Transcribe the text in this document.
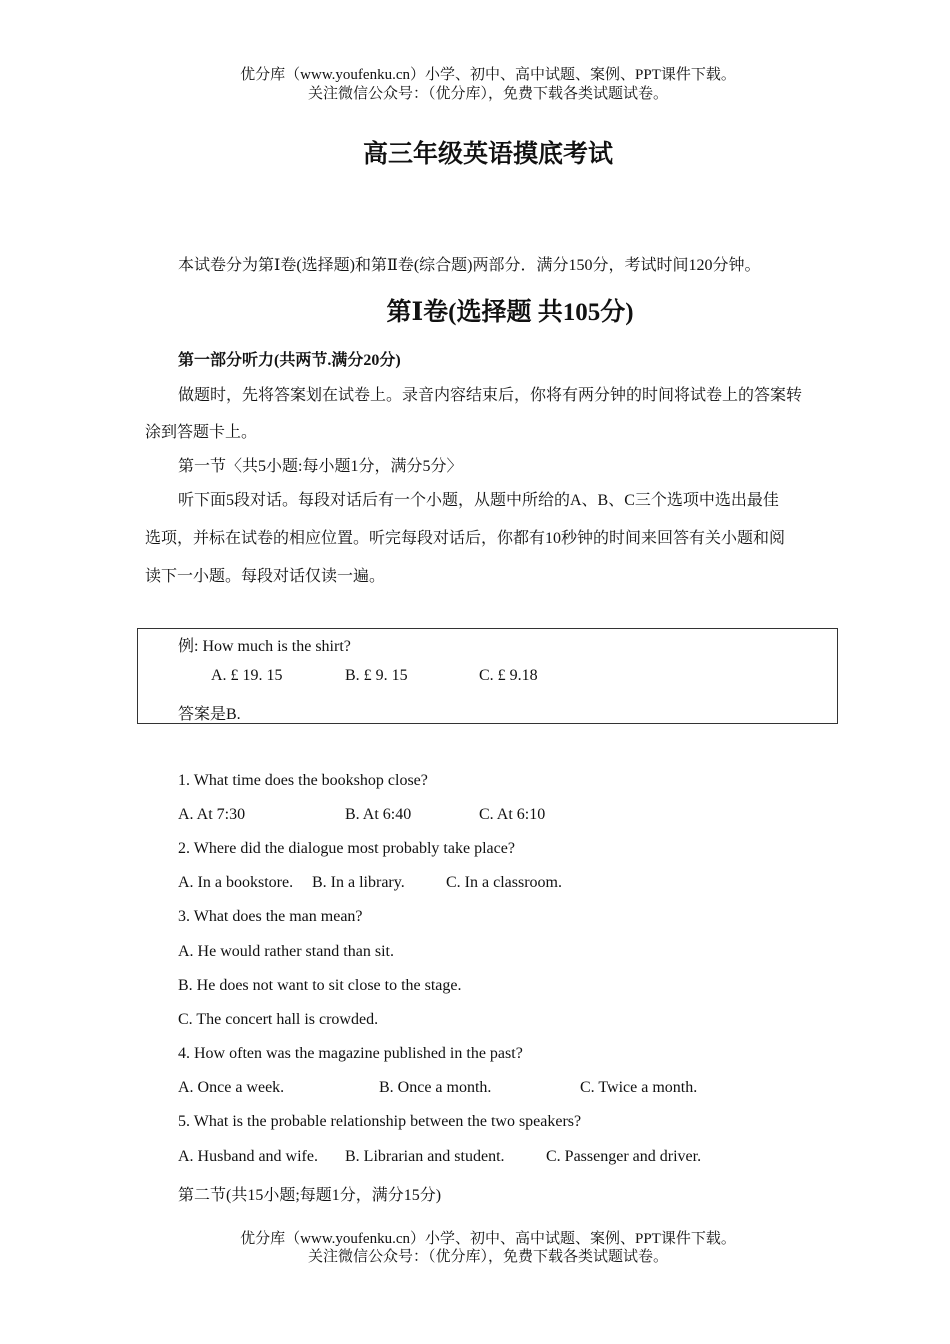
优分库（www.youfenku.cn）小学、初中、高中试题、案例、PPT课件下载。
关注微信公众号：（优分库），免费下载各类试题试卷。
高三年级英语摸底考试
本试卷分为第Ⅰ卷(选择题)和第Ⅱ卷(综合题)两部分．满分150分，考试时间120分钟。
第Ⅰ卷(选择题 共105分)
第一部分听力(共两节.满分20分)
做题时，先将答案划在试卷上。录音内容结束后，你将有两分钟的时间将试卷上的答案转
涂到答题卡上。
第一节〈共5小题:每小题1分，满分5分〉
听下面5段对话。每段对话后有一个小题，从题中所给的A、B、C三个选项中选出最佳
选项，并标在试卷的相应位置。听完每段对话后，你都有10秒钟的时间来回答有关小题和阅
读下一小题。每段对话仅读一遍。
例: How much is the shirt?
A. £ 19. 15	B. £ 9. 15	C. £ 9.18
答案是B.
1. What time does the bookshop close?
A. At 7:30	B. At 6:40	C. At 6:10
2. Where did the dialogue most probably take place?
A. In a bookstore. B. In a library.	C. In a classroom.
3. What does the man mean?
A. He would rather stand than sit.
B. He does not want to sit close to the stage.
C. The concert hall is crowded.
4. How often was the magazine published in the past?
A. Once a week.	B. Once a month.	C. Twice a month.
5. What is the probable relationship between the two speakers?
A. Husband and wife. B. Librarian and student.	C. Passenger and driver.
第二节(共15小题;每题1分，满分15分)
优分库（www.youfenku.cn）小学、初中、高中试题、案例、PPT课件下载。
关注微信公众号：（优分库），免费下载各类试题试卷。
